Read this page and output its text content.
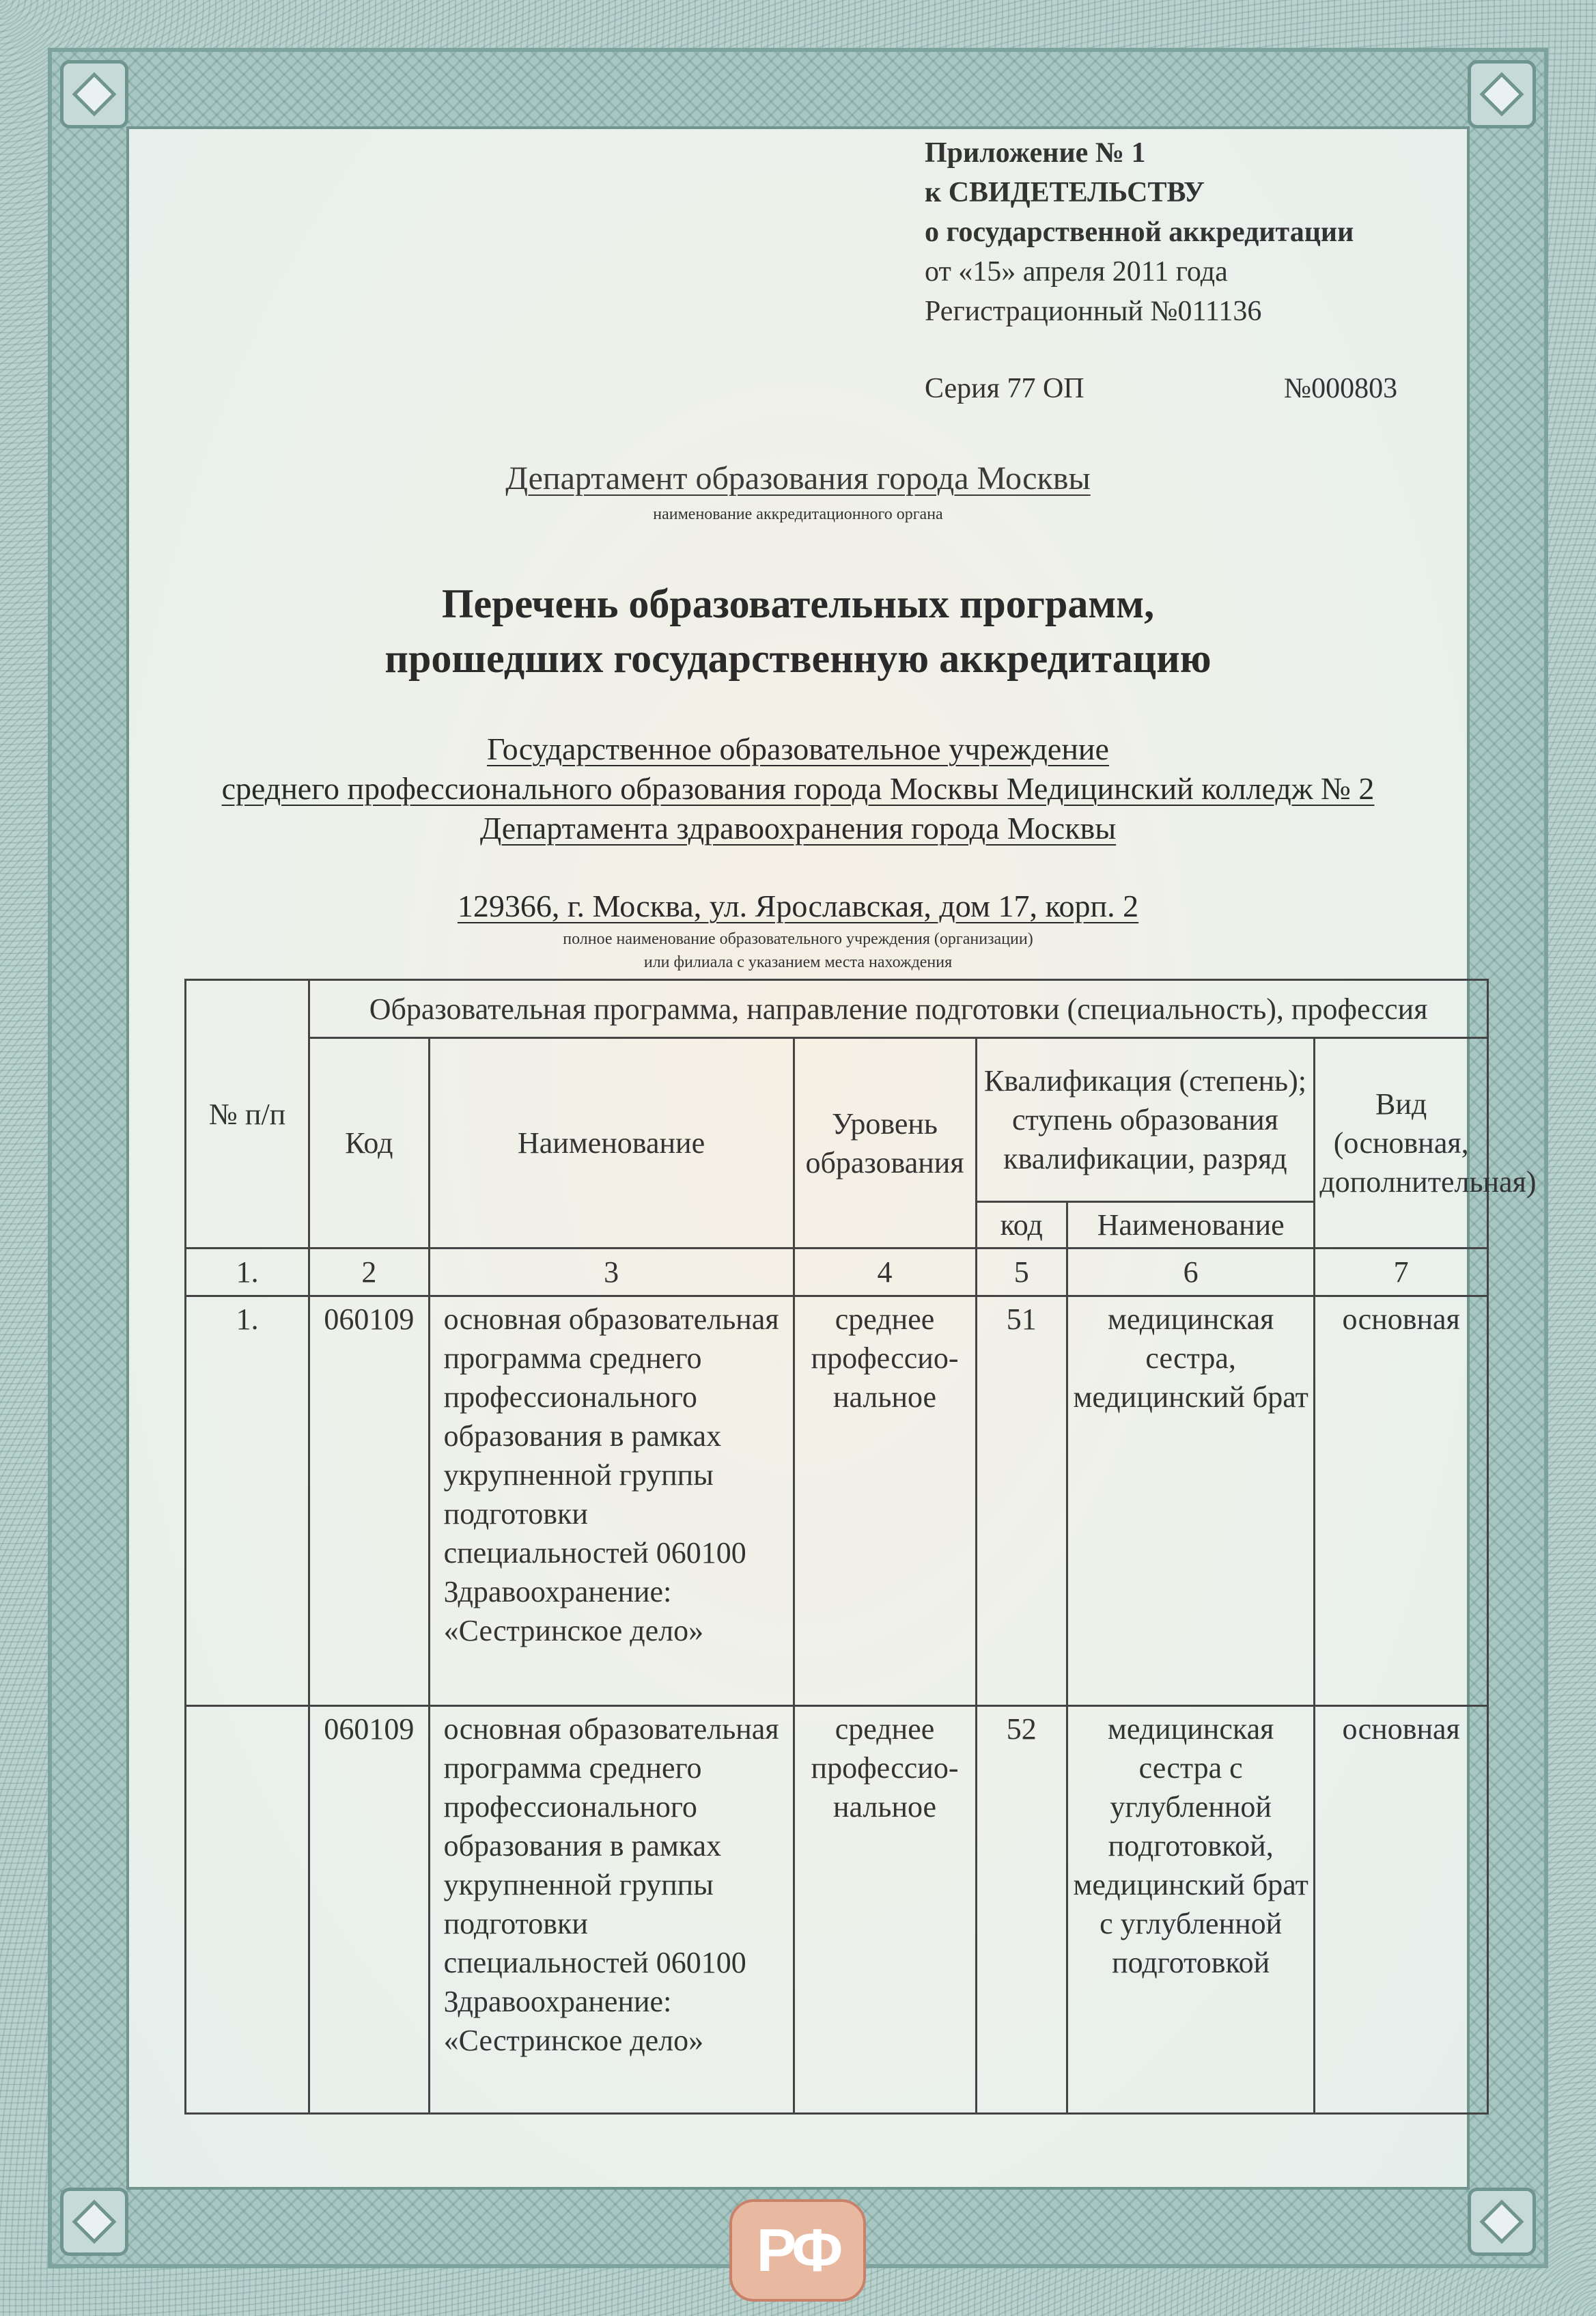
Приложение № 1
к СВИДЕТЕЛЬСТВУ
о государственной аккредитации
от «15» апреля 2011 года
Регистрационный №011136
Серия 77 ОП	№000803
Департамент образования города Москвы
наименование аккредитационного органа
Перечень образовательных программ,
прошедших государственную аккредитацию
Государственное образовательное учреждение
среднего профессионального образования города Москвы Медицинский колледж № 2
Департамента здравоохранения города Москвы
129366, г. Москва, ул. Ярославская, дом 17, корп. 2
полное наименование образовательного учреждения (организации)
или филиала с указанием места нахождения
№ п/п	Образовательная программа, направление подготовки (специальность), профессия					
	Код	Наименование	Уровень образования	Квалификация (степень); ступень образования квалификации, разряд		Вид (основная, дополнительная)
				код	Наименование	
1.	2	3	4	5	6	7
1.	060109	основная образовательная программа среднего профессионального образования в рамках укрупненной группы подготовки специальностей 060100 Здравоохранение: «Сестринское дело»	среднее профессио-нальное	51	медицинская сестра, медицинский брат	основная
	060109	основная образовательная программа среднего профессионального образования в рамках укрупненной группы подготовки специальностей 060100 Здравоохранение: «Сестринское дело»	среднее профессио-нальное	52	медицинская сестра с углубленной подготовкой, медицинский брат с углубленной подготовкой	основная
РФ
